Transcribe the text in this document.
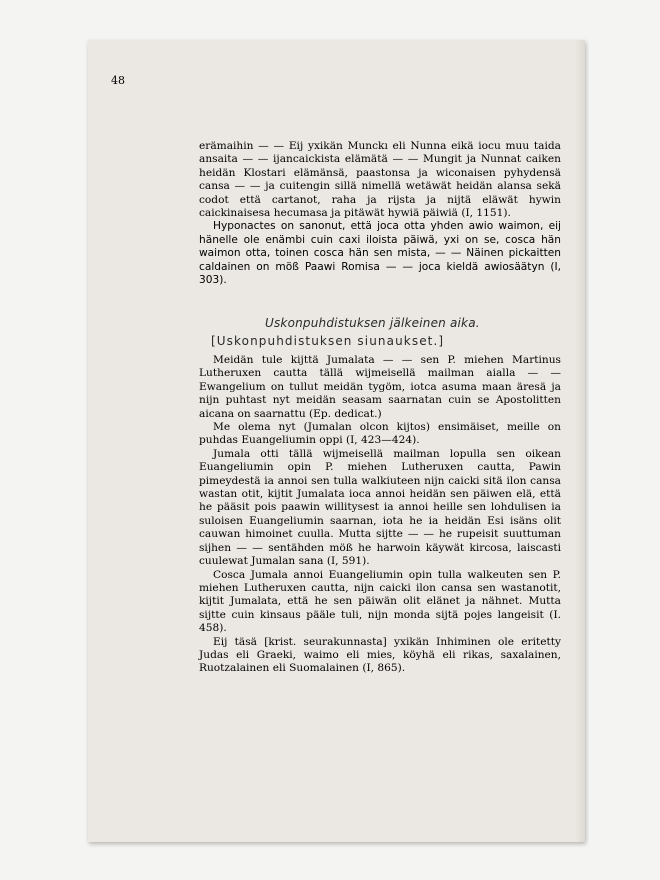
48

erämaihin — — Eij yxikän Munckı eli Nunna eikä iocu muu taida ansaita — — ijancaickista elämätä — — Mungit ja Nunnat caiken heidän Klostari elämänsä, paastonsa ja wiconaisen pyhydensä cansa — — ja cuitengin sillä nimellä wetäwät heidän alansa sekä codot että cartanot, raha ja rijsta ja nijtä eläwät hywin caickinaisesa hecumasa ja pitäwät hywiä päiwiä (I, 1151).

Hyponactes on sanonut, että joca otta yhden awio waimon, eij hänelle ole enämbi cuin caxi iloista päiwä, yxi on se, cosca hän waimon otta, toinen cosca hän sen mista, — — Näinen pickaitten caldainen on möß Paawi Romisa — — joca kieldä awiosäätyn (I, 303).

Uskonpuhdistuksen jälkeinen aika.
[Uskonpuhdistuksen siunaukset.]

Meidän tule kijttä Jumalata — — sen P. miehen Martinus Lutheruxen cautta tällä wijmeisellä mailman aialla — — Ewangelium on tullut meidän tygöm, iotca asuma maan äresä ja nijn puhtast nyt meidän seasam saarnatan cuin se Apostolitten aicana on saarnattu (Ep. dedicat.)

Me olema nyt (Jumalan olcon kijtos) ensimäiset, meille on puhdas Euangeliumin oppi (I, 423—424).

Jumala otti tällä wijmeisellä mailman lopulla sen oikean Euangeliumin opin P. miehen Lutheruxen cautta, Pawin pimeydestä ia annoi sen tulla walkiuteen nijn caicki sitä ilon cansa wastan otit, kijtit Jumalata ioca annoi heidän sen päiwen elä, että he pääsit pois paawin willitysest ia annoi heille sen lohdulisen ia suloisen Euangeliumin saarnan, iota he ia heidän Esi isäns olit cauwan himoinet cuulla. Mutta sijtte — — he rupeisit suuttuman sijhen — — sentähden möß he harwoin käywät kircosa, laiscasti cuulewat Jumalan sana (I, 591).

Cosca Jumala annoi Euangeliumin opin tulla walkeuten sen P. miehen Lutheruxen cautta, nijn caicki ilon cansa sen wastanotit, kijtit Jumalata, että he sen päiwän olit elänet ja nähnet. Mutta sijtte cuin kinsaus pääle tuli, nijn monda sijtä pojes langeisit (I. 458).

Eij täsä [krist. seurakunnasta] yxikän Inhiminen ole eritetty Judas eli Graeki, waimo eli mies, köyhä eli rikas, saxalainen, Ruotzalainen eli Suomalainen (I, 865).
